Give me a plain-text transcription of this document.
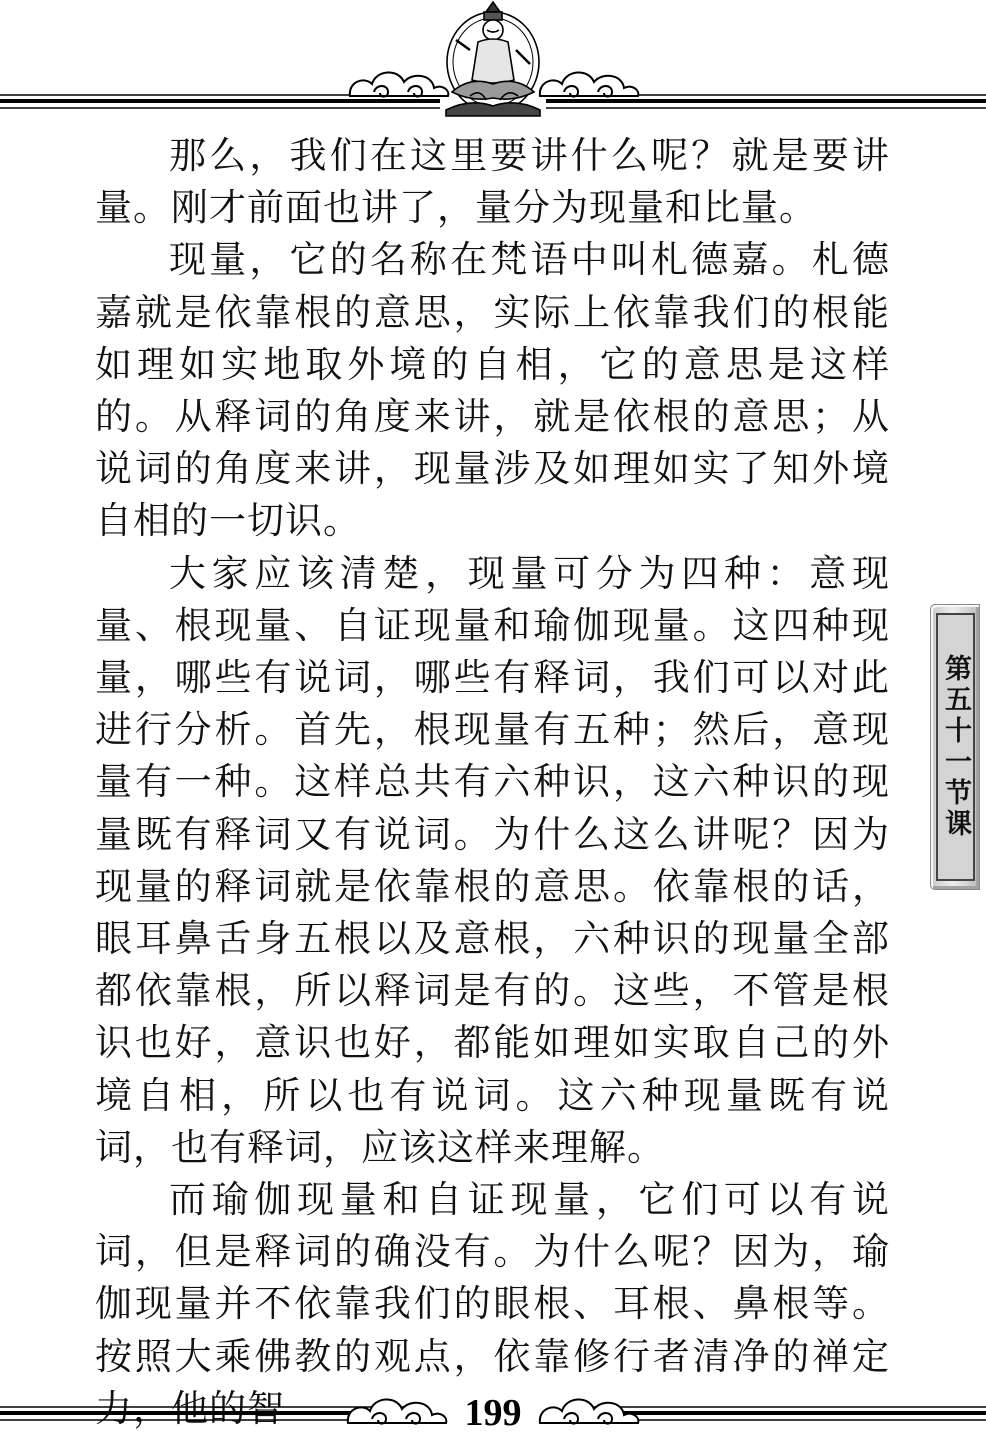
那么，我们在这里要讲什么呢？就是要讲量。刚才前面也讲了，量分为现量和比量。

现量，它的名称在梵语中叫札德嘉。札德嘉就是依靠根的意思，实际上依靠我们的根能如理如实地取外境的自相，它的意思是这样的。从释词的角度来讲，就是依根的意思；从说词的角度来讲，现量涉及如理如实了知外境自相的一切识。

大家应该清楚，现量可分为四种：意现量、根现量、自证现量和瑜伽现量。这四种现量，哪些有说词，哪些有释词，我们可以对此进行分析。首先，根现量有五种；然后，意现量有一种。这样总共有六种识，这六种识的现量既有释词又有说词。为什么这么讲呢？因为现量的释词就是依靠根的意思。依靠根的话，眼耳鼻舌身五根以及意根，六种识的现量全部都依靠根，所以释词是有的。这些，不管是根识也好，意识也好，都能如理如实取自己的外境自相，所以也有说词。这六种现量既有说词，也有释词，应该这样来理解。

而瑜伽现量和自证现量，它们可以有说词，但是释词的确没有。为什么呢？因为，瑜伽现量并不依靠我们的眼根、耳根、鼻根等。按照大乘佛教的观点，依靠修行者清净的禅定力，他的智

第五十一节课
199
